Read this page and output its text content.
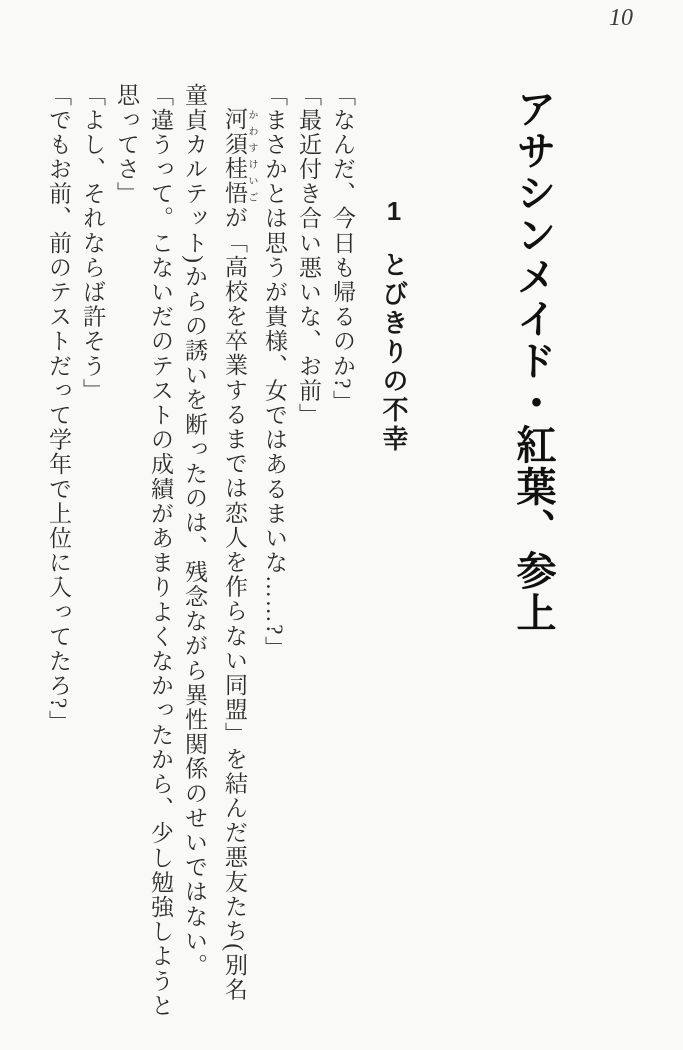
10
アサシンメイド・紅葉、参上
1とびきりの不幸
「なんだ、今日も帰るのか?」
「最近付き合い悪いな、お前」
「まさかとは思うが貴様、女ではあるまいな……?」
河須 かわす桂悟 けいごが「高校を卒業するまでは恋人を作らない同盟」を結んだ悪友たち(別名
童貞カルテット)からの誘いを断ったのは、残念ながら異性関係のせいではない。
「違うって。こないだのテストの成績があまりよくなかったから、少し勉強しようと
思ってさ」
「よし、それならば許そう」
「でもお前、前のテストだって学年で上位に入ってたろ?」
